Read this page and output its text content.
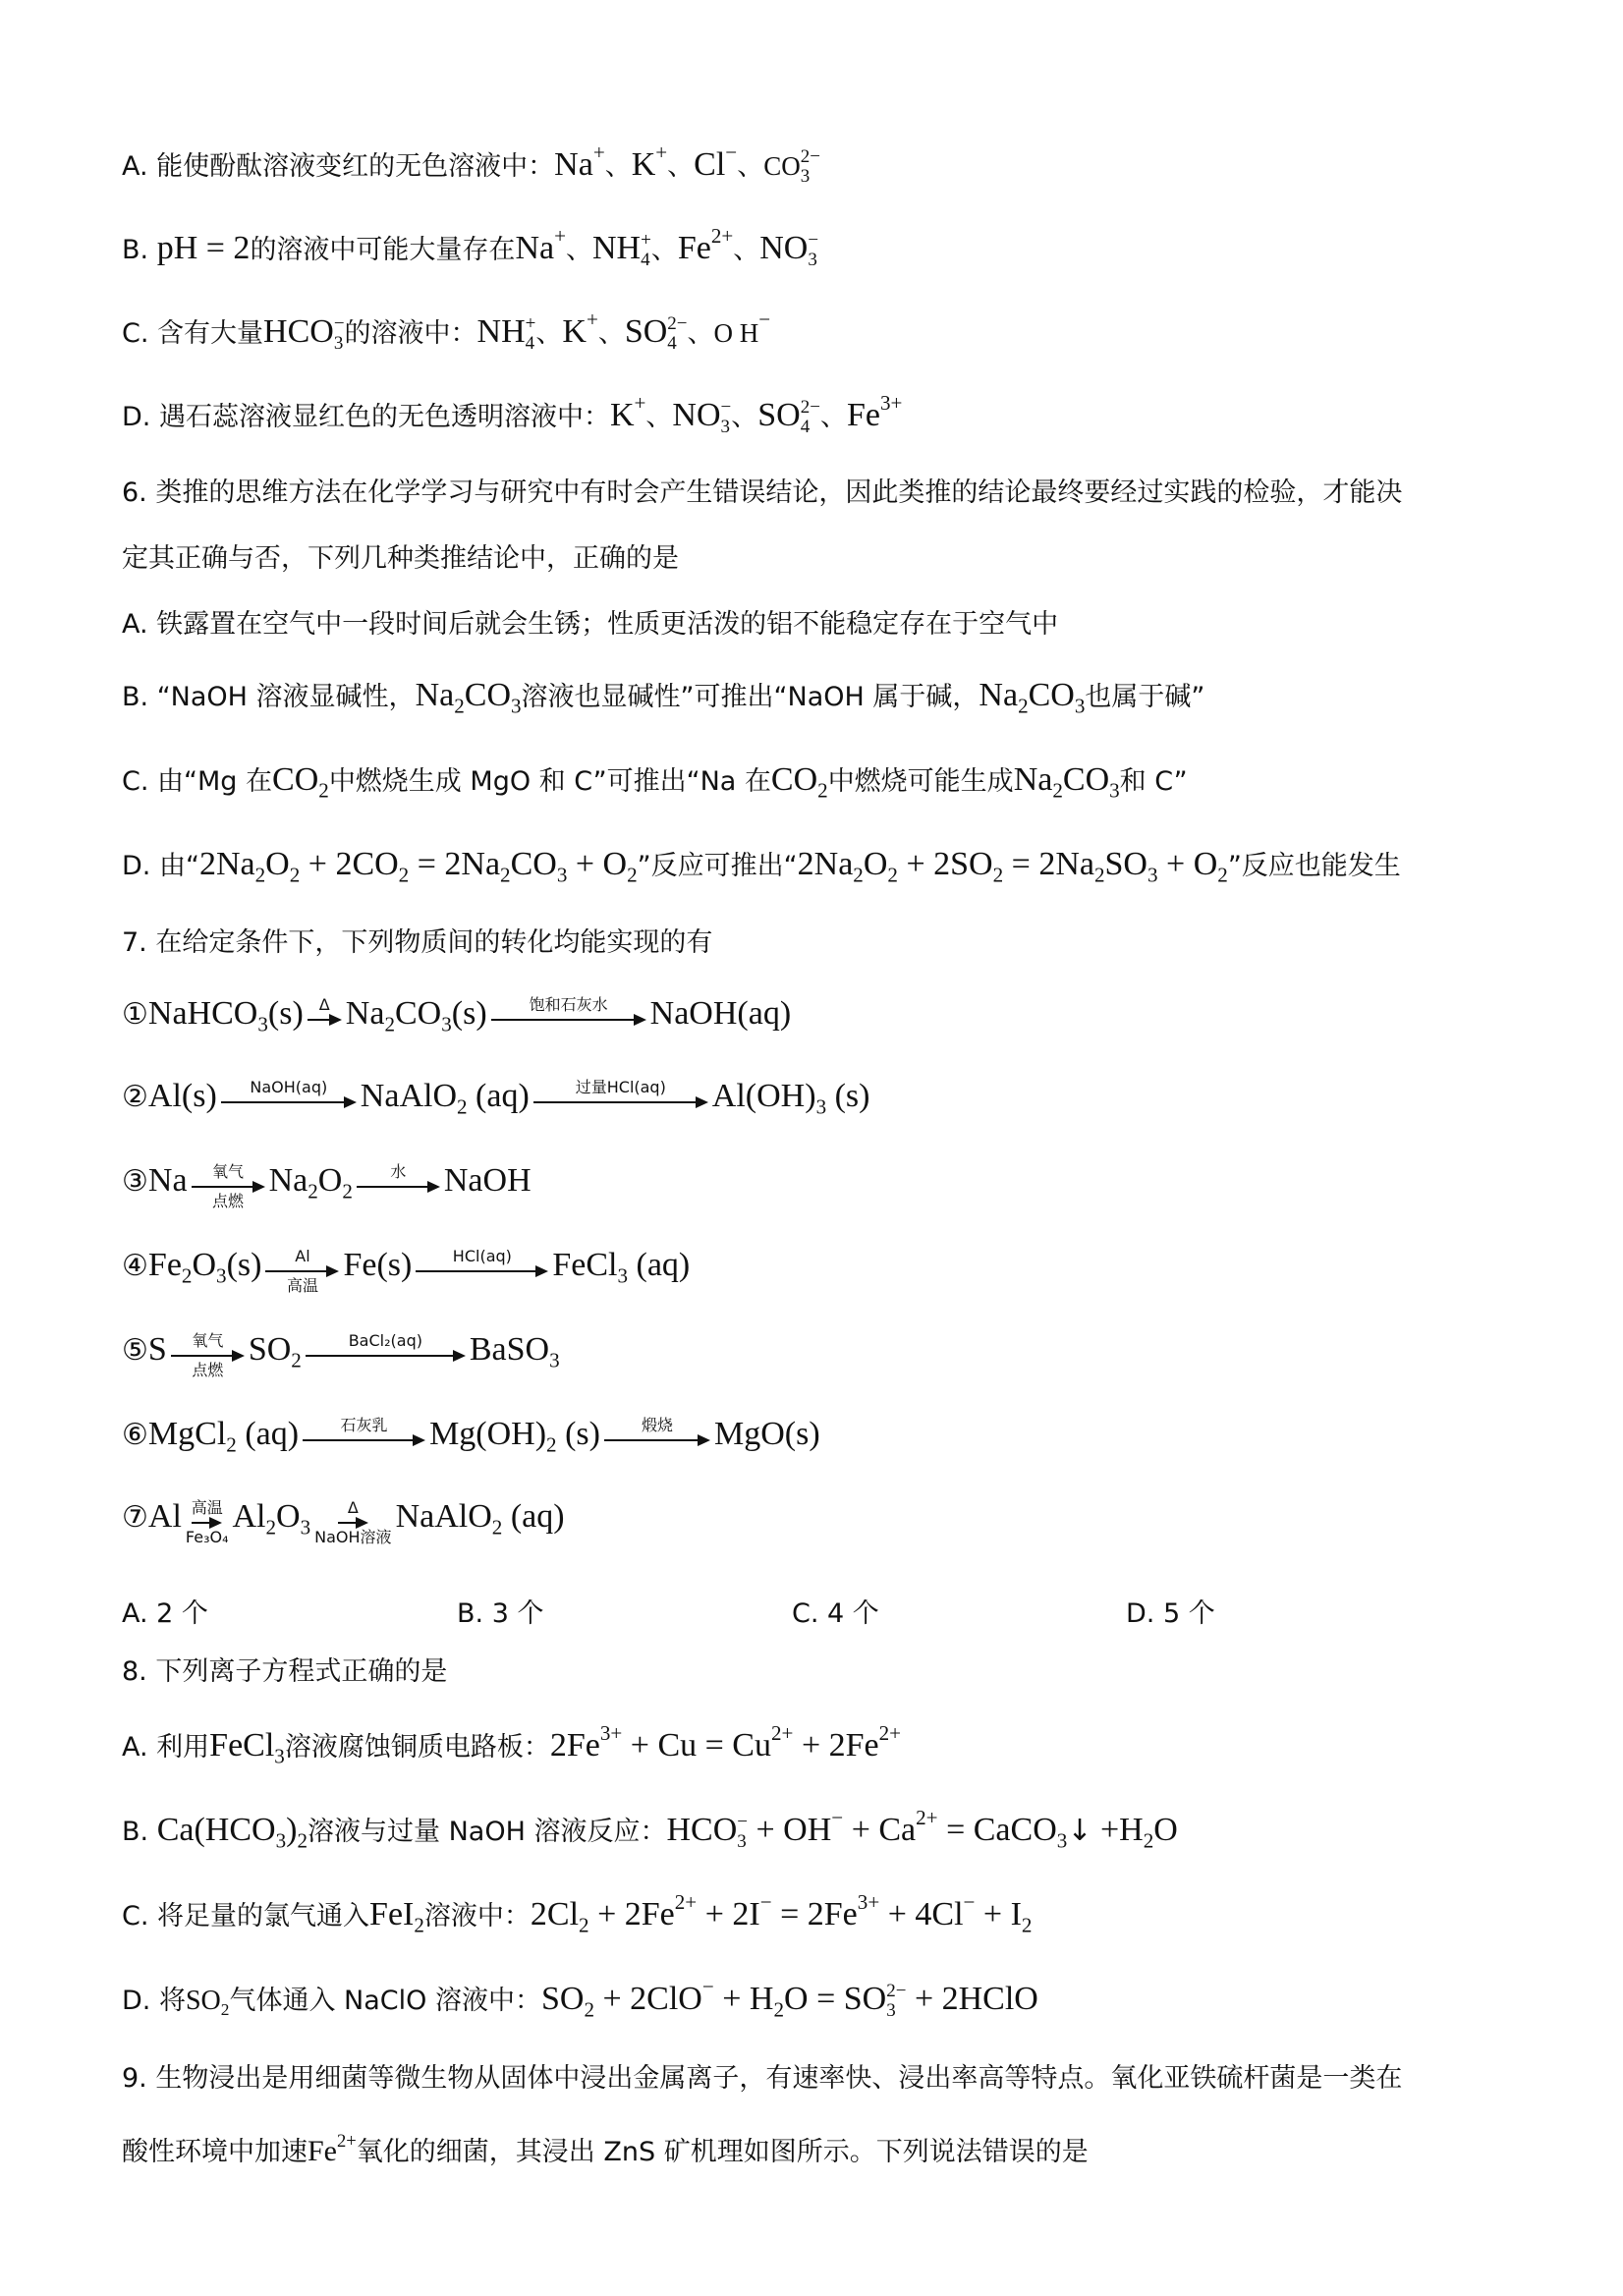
A. 能使酚酞溶液变红的无色溶液中：Na+、K+、Cl−、CO 2−
3
B. pH = 2的溶液中可能大量存在Na+、NH +
4 、$Fe^{2+}$、NO −
3
C. 含有大量HCO −
3 的溶液中：NH +
4 、K+、SO 2−
4 、O H−
D. 遇石蕊溶液显红色的无色透明溶液中：K+、NO −
3 、SO 2−
4 、$Fe^{3+}$
6. 类推的思维方法在化学学习与研究中有时会产生错误结论，因此类推的结论最终要经过实践的检验，才能决
定其正确与否，下列几种类推结论中，正确的是
A. 铁露置在空气中一段时间后就会生锈；性质更活泼的铝不能稳定存在于空气中
B. “NaOH 溶液显碱性，$Na_2CO_3$溶液也显碱性”可推出“NaOH 属于碱，$Na_2CO_3$也属于碱”
C. 由“Mg 在$CO_2$中燃烧生成 MgO 和 C”可推出“Na 在$CO_2$中燃烧可能生成$Na_2CO_3$和 C”
D. 由“$2Na_2O_2 + 2CO_2 = 2Na_2CO_3 + O_2$”反应可推出“$2Na_2O_2 + 2SO_2 = 2Na_2SO_3 + O_2$”反应也能发生
7. 在给定条件下，下列物质间的转化均能实现的有
①NaHCO$_3$(s) Δ $Na_2CO_3(s)$	饱和石灰水 NaOH(aq)
②Al(s) NaOH(aq) NaAlO$_2$ (aq)	过量HCl(aq) $Al(OH)_3$ (s)
③Na 氧气
点燃
$Na_2O_2$
水 NaOH
$④Fe_2O_3(s)$ Al
高温
Fe(s)	HCl(aq) FeCl$_3$ (aq)
⑤S 氧气
点燃
$SO_2$
BaCl₂(aq) BaSO$_3$
⑥MgCl$_2$ (aq)	石灰乳 $Mg(OH)_2$ (s)	煅烧 MgO(s)
⑦Al 高温
Fe₃O₄
$Al_2O_3$
Δ
NaOH溶液
NaAlO$_2$ (aq)
A. 2 个	B. 3 个	C. 4 个	D. 5 个
8. 下列离子方程式正确的是
A. 利用FeCl$_3$溶液腐蚀铜质电路板：$2Fe^{3+} + Cu = Cu^{2+} + 2Fe^{2+}$
B. $Ca(HCO_3)_2$溶液与过量 NaOH 溶液反应：HCO −
$3 + OH^- + Ca^{2+}$ = CaCO$_3$↓ $+H_2O$
C. 将足量的氯气通入FeI$_2$溶液中：$2Cl_2 + 2Fe^{2+} + 2I^- = 2Fe^{3+} + 4Cl^- + I_2$
D. 将$SO_2$气体通入 NaClO 溶液中：$SO_2 + 2ClO^- + H_2O$ = SO 2−
3 + 2HClO
9. 生物浸出是用细菌等微生物从固体中浸出金属离子，有速率快、浸出率高等特点。氧化亚铁硫杆菌是一类在
酸性环境中加速$Fe^{2+}$氧化的细菌，其浸出 ZnS 矿机理如图所示。下列说法错误的是
